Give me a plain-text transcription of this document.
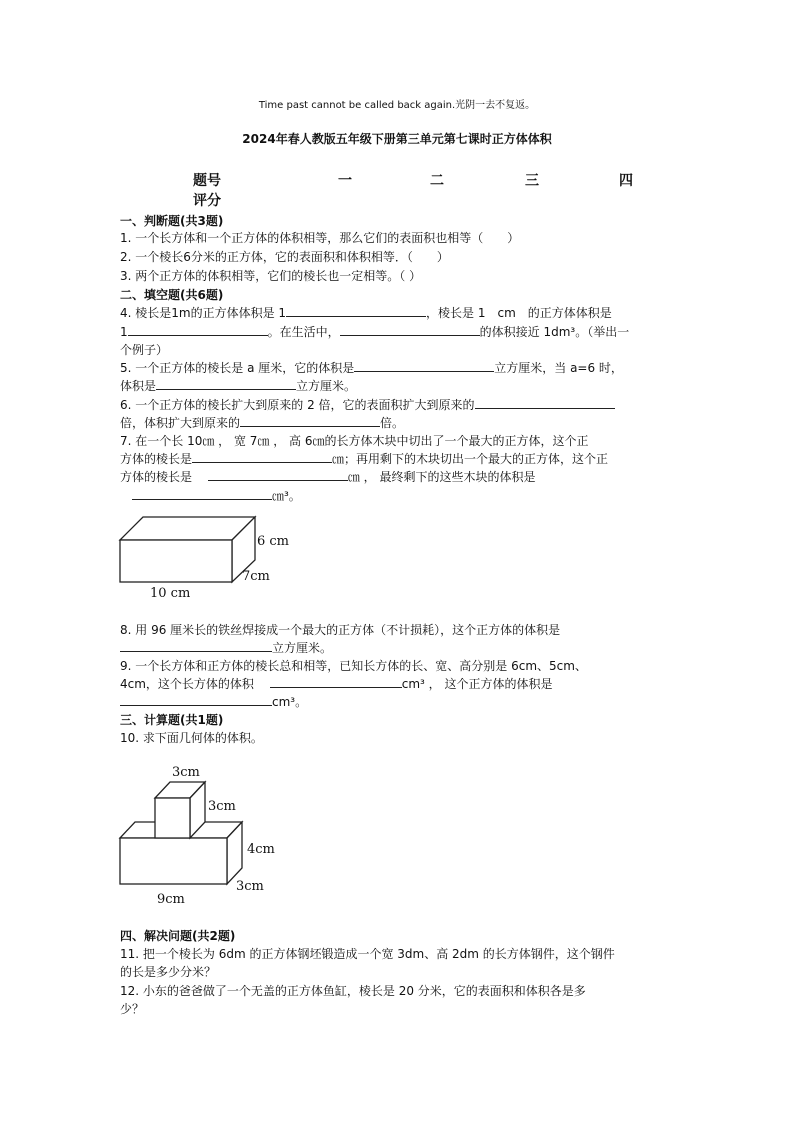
Time past cannot be called back again.光阴一去不复返。
2024年春人教版五年级下册第三单元第七课时正方体体积
题号	一	二	三	四
评分
一、判断题(共3题)
1. 一个长方体和一个正方体的体积相等，那么它们的表面积也相等（　　）
2. 一个棱长6分米的正方体，它的表面积和体积相等．（　　）
3. 两个正方体的体积相等，它们的棱长也一定相等。（ ）
二、填空题(共6题)
4. 棱长是1m的正方体体积是 1	，棱长是 1　cm　的正方体体积是
1	。在生活中，	的体积接近 1dm³。（举出一
个例子）
5. 一个正方体的棱长是 a 厘米，它的体积是	立方厘米，当 a=6 时，
体积是	立方厘米。
6. 一个正方体的棱长扩大到原来的 2 倍，它的表面积扩大到原来的
倍，体积扩大到原来的	倍。
7. 在一个长 10㎝ ， 宽 7㎝ ， 高 6㎝的长方体木块中切出了一个最大的正方体，这个正
方体的棱长是	㎝；再用剩下的木块切出一个最大的正方体，这个正
方体的棱长是　	㎝ ， 最终剩下的这些木块的体积是
㎝³。
6 cm
7cm
10 cm
8. 用 96 厘米长的铁丝焊接成一个最大的正方体（不计损耗），这个正方体的体积是
立方厘米。
9. 一个长方体和正方体的棱长总和相等，已知长方体的长、宽、高分别是 6cm、5cm、
4cm，这个长方体的体积　	cm³ ， 这个正方体的体积是
cm³。
三、计算题(共1题)
10. 求下面几何体的体积。
3cm
3cm
4cm
9cm
3cm
四、解决问题(共2题)
11. 把一个棱长为 6dm 的正方体钢坯锻造成一个宽 3dm、高 2dm 的长方体钢件，这个钢件
的长是多少分米？
12. 小东的爸爸做了一个无盖的正方体鱼缸，棱长是 20 分米，它的表面积和体积各是多
少？
